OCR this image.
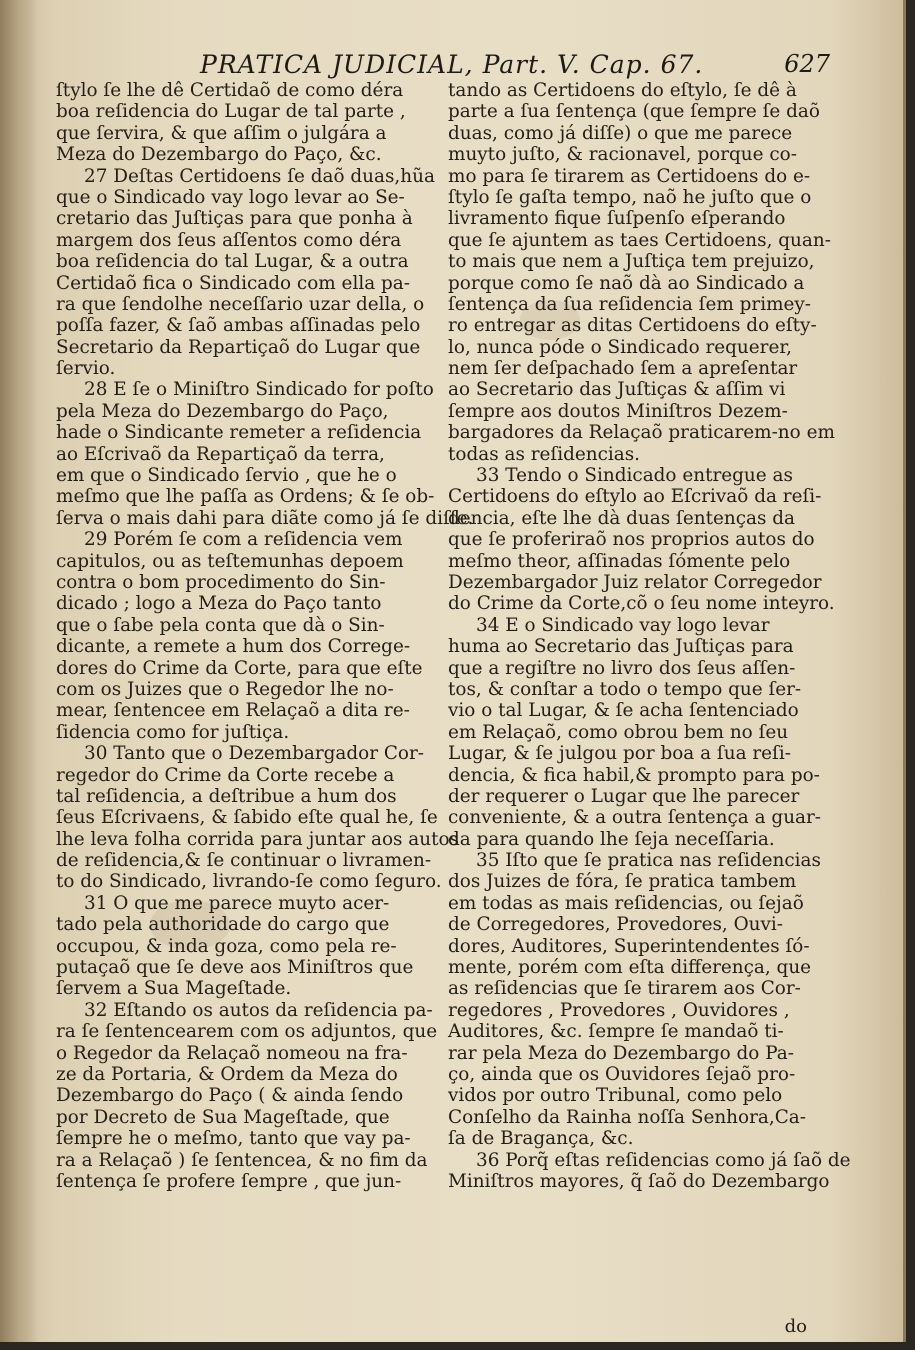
PRATICA JUDICIAL, Part. V. Cap. 67.	627
ſtylo ſe lhe dê Certidaõ de como déra
boa reſidencia do Lugar de tal parte ,
que ſervira, & que aſſim o julgára a
Meza do Dezembargo do Paço, &c.
27 Deſtas Certidoens ſe daõ duas,hũa
que o Sindicado vay logo levar ao Se-
cretario das Juſtiças para que ponha à
margem dos ſeus aſſentos como déra
boa reſidencia do tal Lugar, & a outra
Certidaõ fica o Sindicado com ella pa-
ra que ſendolhe neceſſario uzar della, o
poſſa fazer, & ſaõ ambas aſſinadas pelo
Secretario da Repartiçaõ do Lugar que
ſervio.
28 E ſe o Miniſtro Sindicado for poſto
pela Meza do Dezembargo do Paço,
hade o Sindicante remeter a reſidencia
ao Eſcrivaõ da Repartiçaõ da terra,
em que o Sindicado ſervio , que he o
meſmo que lhe paſſa as Ordens; & ſe ob-
ſerva o mais dahi para diãte como já ſe diſſe.
29 Porém ſe com a reſidencia vem
capitulos, ou as teſtemunhas depoem
contra o bom procedimento do Sin-
dicado ; logo a Meza do Paço tanto
que o ſabe pela conta que dà o Sin-
dicante, a remete a hum dos Correge-
dores do Crime da Corte, para que eſte
com os Juizes que o Regedor lhe no-
mear, ſentencee em Relaçaõ a dita re-
ſidencia como for juſtiça.
30 Tanto que o Dezembargador Cor-
regedor do Crime da Corte recebe a
tal reſidencia, a deſtribue a hum dos
ſeus Eſcrivaens, & ſabido eſte qual he, ſe
lhe leva folha corrida para juntar aos autos
de reſidencia,& ſe continuar o livramen-
to do Sindicado, livrando-ſe como ſeguro.
31 O que me parece muyto acer-
tado pela authoridade do cargo que
occupou, & inda goza, como pela re-
putaçaõ que ſe deve aos Miniſtros que
ſervem a Sua Mageſtade.
32 Eſtando os autos da reſidencia pa-
ra ſe ſentencearem com os adjuntos, que
o Regedor da Relaçaõ nomeou na fra-
ze da Portaria, & Ordem da Meza do
Dezembargo do Paço ( & ainda ſendo
por Decreto de Sua Mageſtade, que
ſempre he o meſmo, tanto que vay pa-
ra a Relaçaõ ) ſe ſentencea, & no fim da
ſentença ſe profere ſempre , que jun-
tando as Certidoens do eſtylo, ſe dê à
parte a ſua ſentença (que ſempre ſe daõ
duas, como já diſſe) o que me parece
muyto juſto, & racionavel, porque co-
mo para ſe tirarem as Certidoens do e-
ſtylo ſe gaſta tempo, naõ he juſto que o
livramento fique ſuſpenſo eſperando
que ſe ajuntem as taes Certidoens, quan-
to mais que nem a Juſtiça tem prejuizo,
porque como ſe naõ dà ao Sindicado a
ſentença da ſua reſidencia ſem primey-
ro entregar as ditas Certidoens do eſty-
lo, nunca póde o Sindicado requerer,
nem ſer deſpachado ſem a apreſentar
ao Secretario das Juſtiças & aſſim vi
ſempre aos doutos Miniſtros Dezem-
bargadores da Relaçaõ praticarem-no em
todas as reſidencias.
33 Tendo o Sindicado entregue as
Certidoens do eſtylo ao Eſcrivaõ da reſi-
dencia, eſte lhe dà duas ſentenças da
que ſe proferiraõ nos proprios autos do
meſmo theor, aſſinadas ſómente pelo
Dezembargador Juiz relator Corregedor
do Crime da Corte,cõ o ſeu nome inteyro.
34 E o Sindicado vay logo levar
huma ao Secretario das Juſtiças para
que a regiſtre no livro dos ſeus aſſen-
tos, & conſtar a todo o tempo que ſer-
vio o tal Lugar, & ſe acha ſentenciado
em Relaçaõ, como obrou bem no ſeu
Lugar, & ſe julgou por boa a ſua reſi-
dencia, & fica habil,& prompto para po-
der requerer o Lugar que lhe parecer
conveniente, & a outra ſentença a guar-
da para quando lhe ſeja neceſſaria.
35 Iſto que ſe pratica nas reſidencias
dos Juizes de fóra, ſe pratica tambem
em todas as mais reſidencias, ou ſejaõ
de Corregedores, Provedores, Ouvi-
dores, Auditores, Superintendentes ſó-
mente, porém com eſta differença, que
as reſidencias que ſe tirarem aos Cor-
regedores , Provedores , Ouvidores ,
Auditores, &c. ſempre ſe mandaõ ti-
rar pela Meza do Dezembargo do Pa-
ço, ainda que os Ouvidores ſejaõ pro-
vidos por outro Tribunal, como pelo
Conſelho da Rainha noſſa Senhora,Ca-
ſa de Bragança, &c.
36 Porq̃ eſtas reſidencias como já ſaõ de
Miniſtros mayores, q̃ ſaõ do Dezembargo
do
